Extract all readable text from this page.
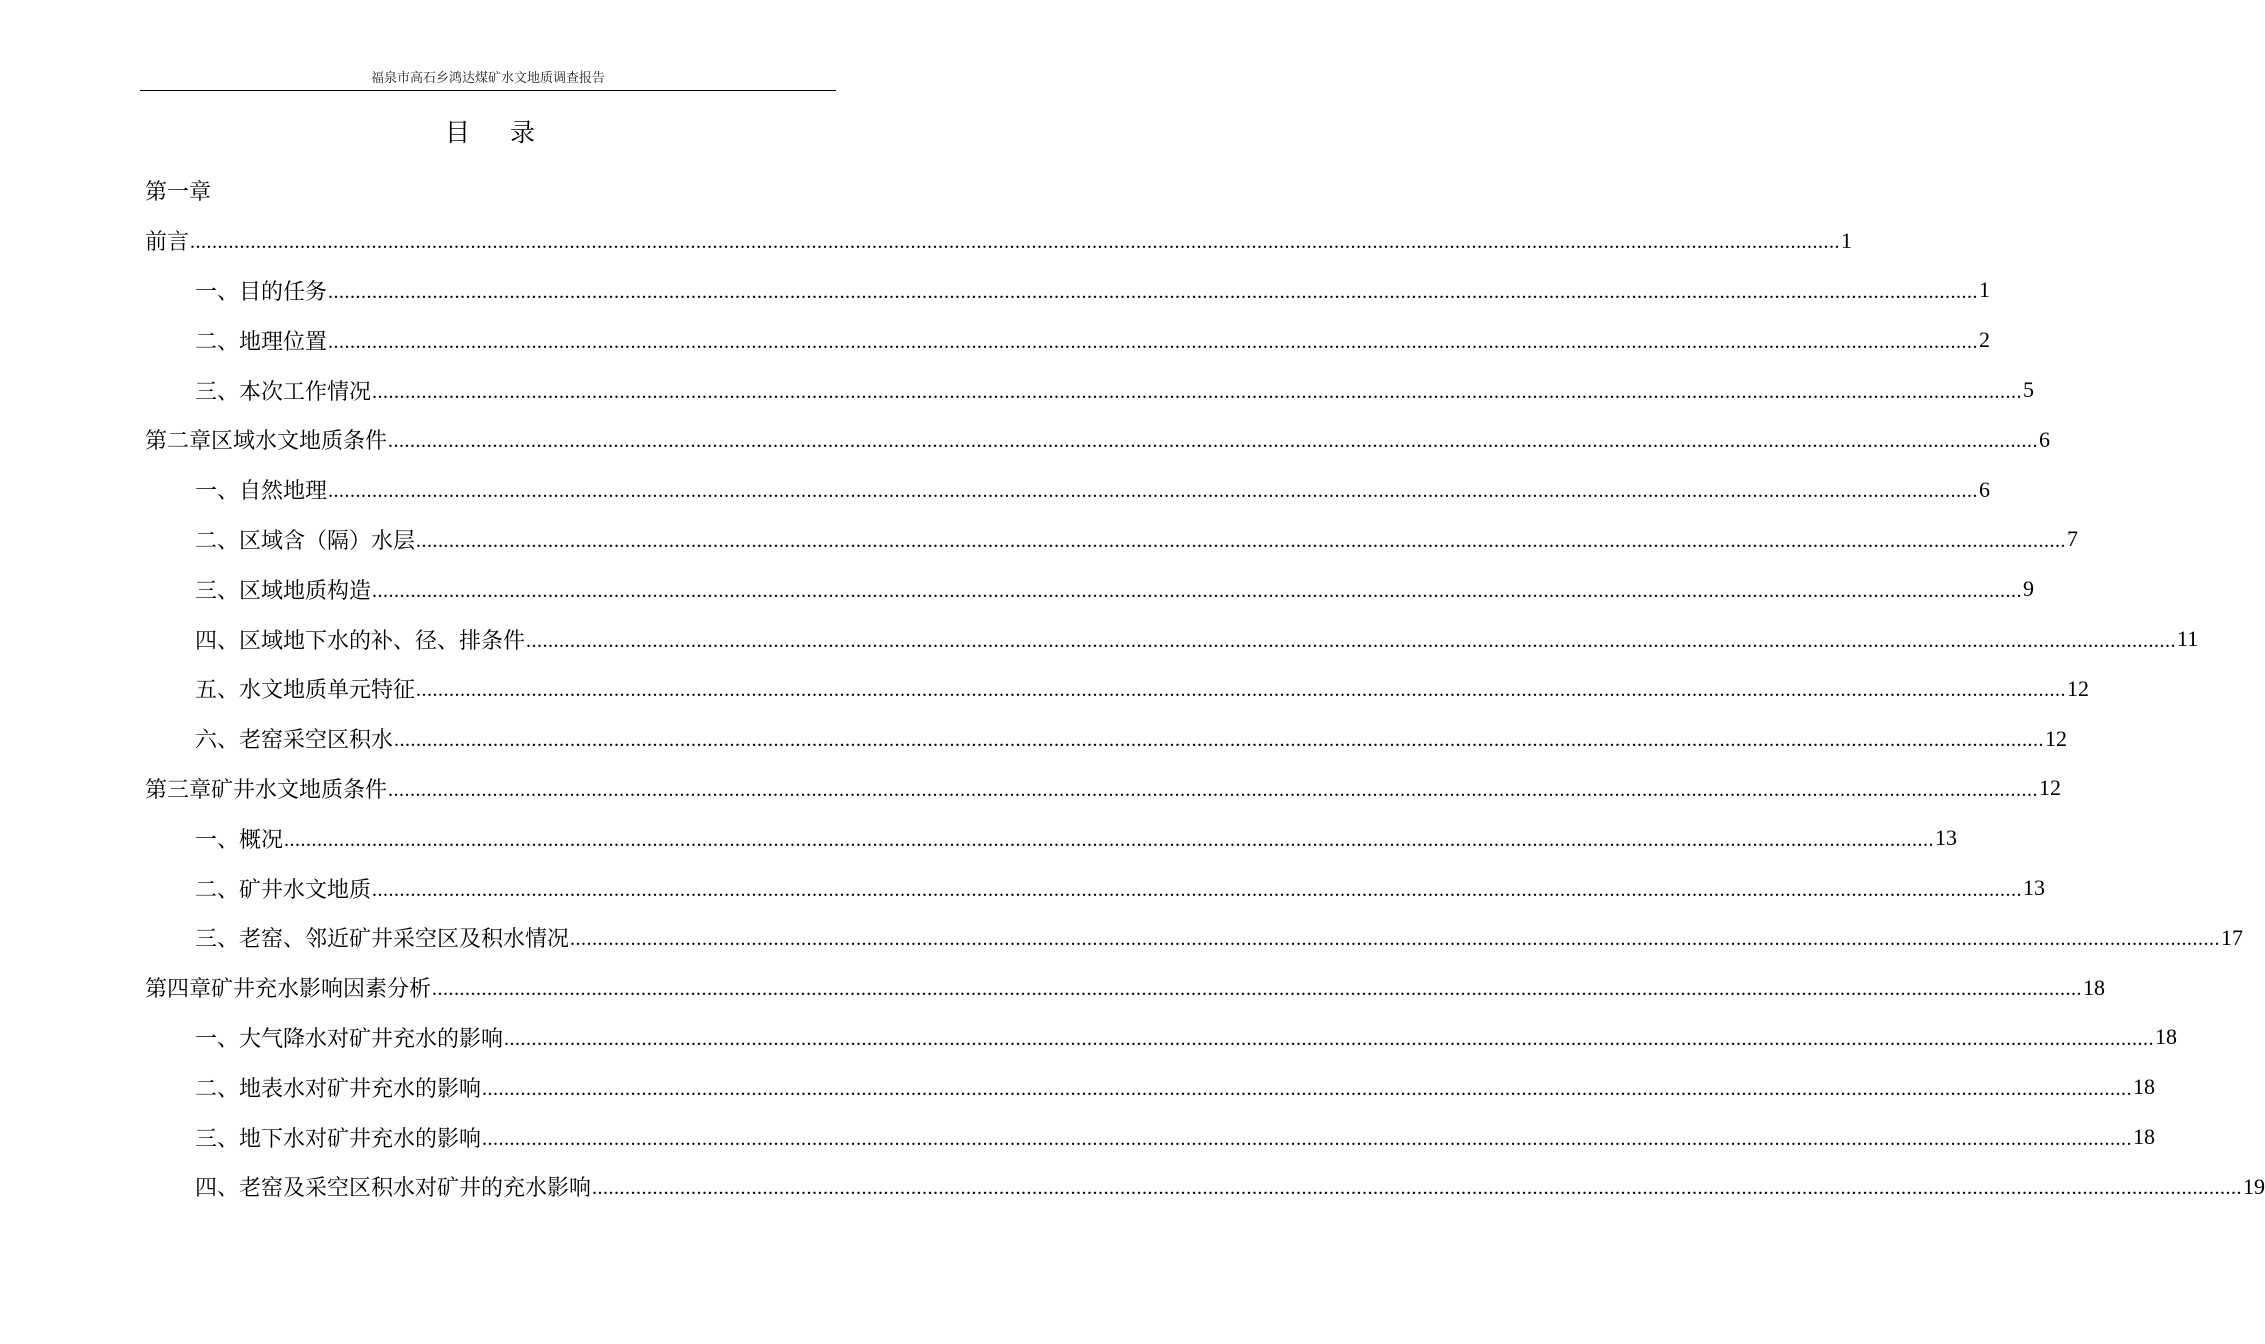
福泉市高石乡鸿达煤矿水文地质调查报告
目 录
第一章
前言 ............................................................................................................................................................................................................................................................................................................ 1
一、目的任务 ............................................................................................................................................................................................................................................................................................................ 1
二、地理位置 ............................................................................................................................................................................................................................................................................................................ 2
三、本次工作情况 ............................................................................................................................................................................................................................................................................................................ 5
第二章 区域水文地质条件 ............................................................................................................................................................................................................................................................................................................ 6
一、自然地理 ............................................................................................................................................................................................................................................................................................................ 6
二、区域含（隔）水层 ............................................................................................................................................................................................................................................................................................................ 7
三、区域地质构造 ............................................................................................................................................................................................................................................................................................................ 9
四、区域地下水的补、径、排条件 ............................................................................................................................................................................................................................................................................................................ 11
五、水文地质单元特征 ............................................................................................................................................................................................................................................................................................................ 12
六、老窑采空区积水 ............................................................................................................................................................................................................................................................................................................ 12
第三章 矿井水文地质条件 ............................................................................................................................................................................................................................................................................................................ 12
一、概况 ............................................................................................................................................................................................................................................................................................................ 13
二、矿井水文地质 ............................................................................................................................................................................................................................................................................................................ 13
三、老窑、邻近矿井采空区及积水情况 ............................................................................................................................................................................................................................................................................................................ 17
第四章 矿井充水影响因素分析 ............................................................................................................................................................................................................................................................................................................ 18
一、大气降水对矿井充水的影响 ............................................................................................................................................................................................................................................................................................................ 18
二、地表水对矿井充水的影响 ............................................................................................................................................................................................................................................................................................................ 18
三、地下水对矿井充水的影响 ............................................................................................................................................................................................................................................................................................................ 18
四、老窑及采空区积水对矿井的充水影响 ............................................................................................................................................................................................................................................................................................................ 19
